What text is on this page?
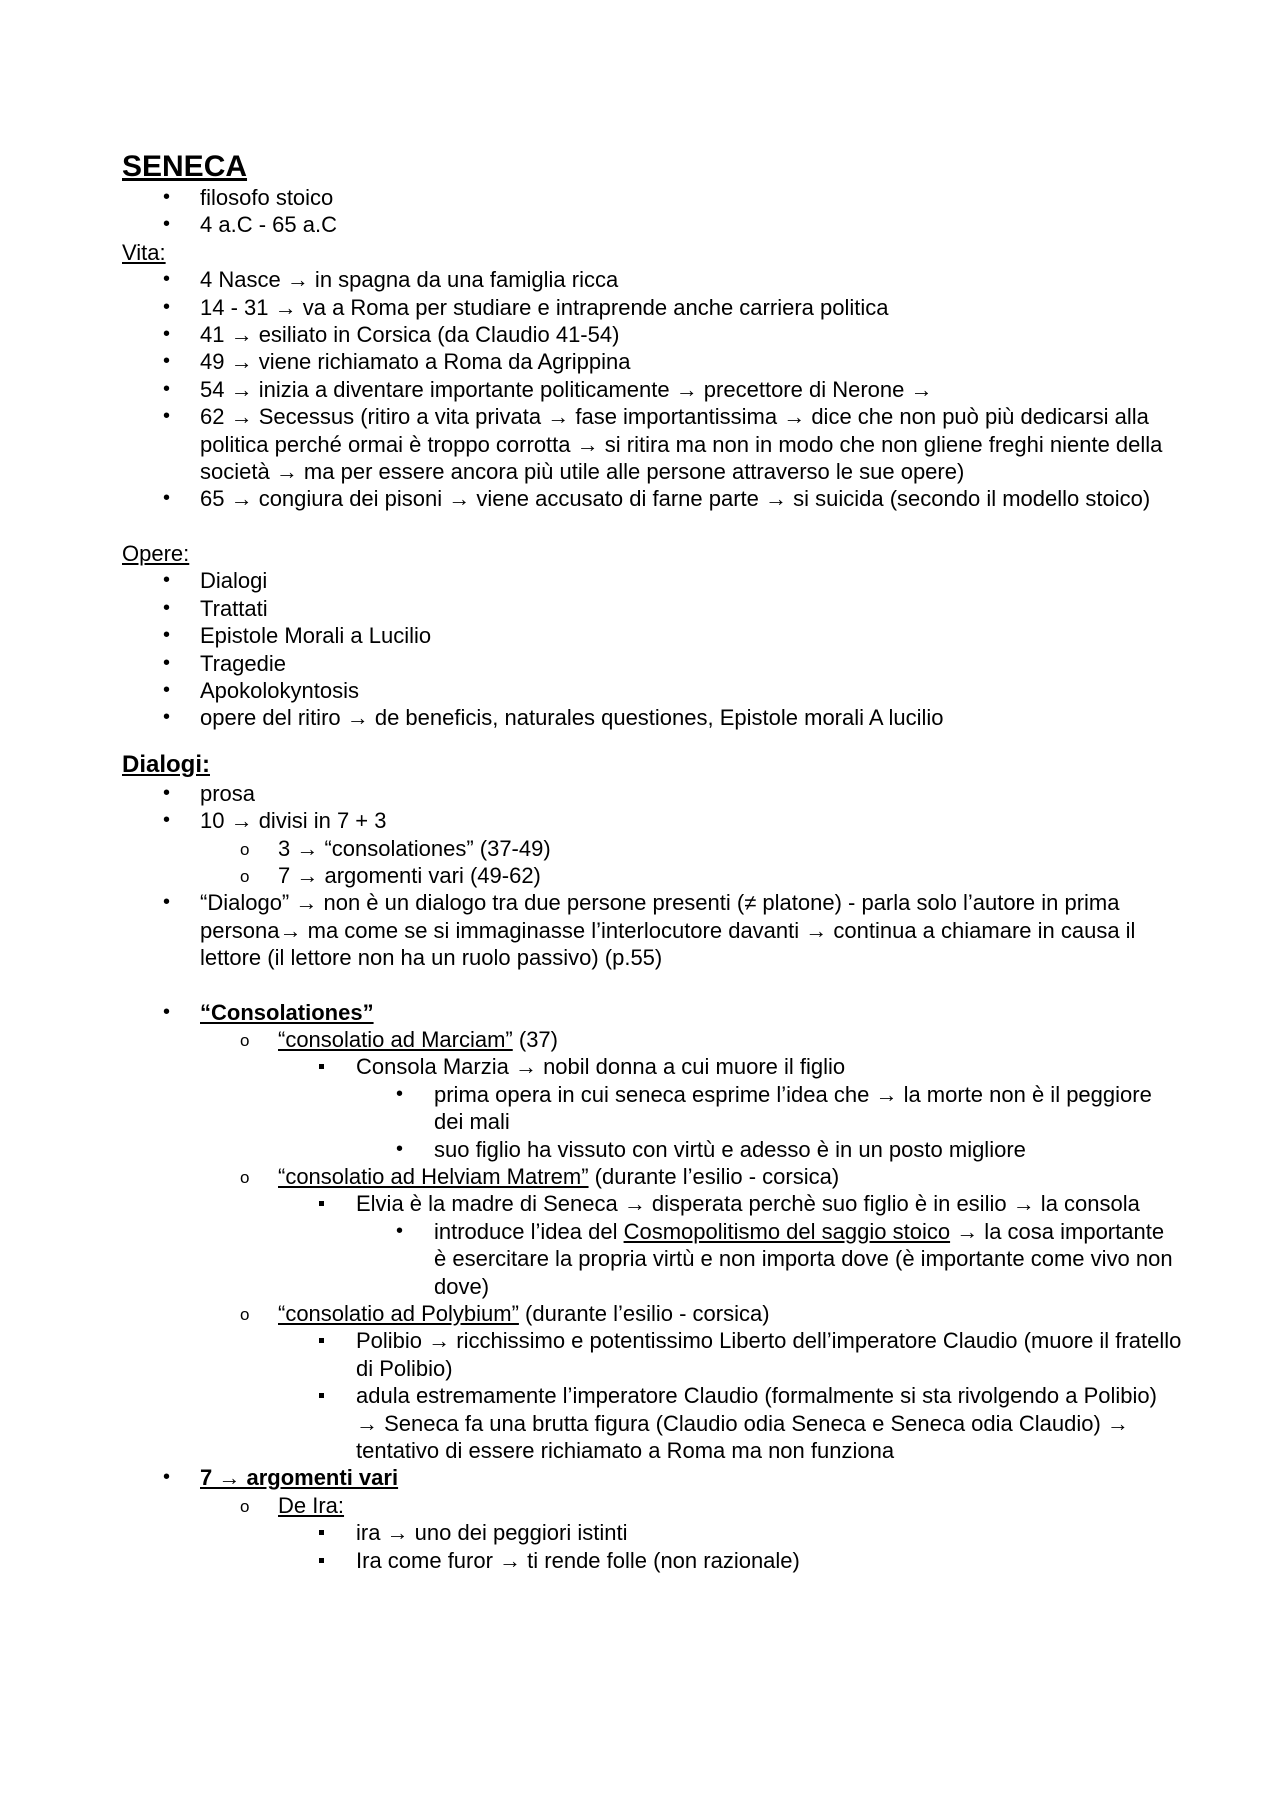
SENECA
• filosofo stoico
• 4 a.C - 65 a.C
Vita:
• 4 Nasce → in spagna da una famiglia ricca
• 14 - 31 → va a Roma per studiare e intraprende anche carriera politica
• 41 → esiliato in Corsica (da Claudio 41-54)
• 49 → viene richiamato a Roma da Agrippina
• 54 → inizia a diventare importante politicamente → precettore di Nerone →
• 62 → Secessus (ritiro a vita privata → fase importantissima → dice che non può più dedicarsi alla politica perché ormai è troppo corrotta → si ritira ma non in modo che non gliene freghi niente della società → ma per essere ancora più utile alle persone attraverso le sue opere)
• 65 → congiura dei pisoni → viene accusato di farne parte → si suicida (secondo il modello stoico)
Opere:
• Dialogi
• Trattati
• Epistole Morali a Lucilio
• Tragedie
• Apokolokyntosis
• opere del ritiro → de beneficis, naturales questiones, Epistole morali A lucilio
Dialogi:
• prosa
• 10 → divisi in 7 + 3
o 3 → “consolationes” (37-49)
o 7 → argomenti vari (49-62)
• “Dialogo” → non è un dialogo tra due persone presenti (≠ platone) - parla solo l’autore in prima persona→ ma come se si immaginasse l’interlocutore davanti → continua a chiamare in causa il lettore (il lettore non ha un ruolo passivo) (p.55)
• “Consolationes”
o “consolatio ad Marciam” (37)
Consola Marzia → nobil donna a cui muore il figlio
• prima opera in cui seneca esprime l’idea che → la morte non è il peggiore dei mali
• suo figlio ha vissuto con virtù e adesso è in un posto migliore
o “consolatio ad Helviam Matrem” (durante l’esilio - corsica)
Elvia è la madre di Seneca → disperata perchè suo figlio è in esilio → la consola
• introduce l’idea del Cosmopolitismo del saggio stoico → la cosa importante è esercitare la propria virtù e non importa dove (è importante come vivo non dove)
o “consolatio ad Polybium” (durante l’esilio - corsica)
Polibio → ricchissimo e potentissimo Liberto dell’imperatore Claudio (muore il fratello di Polibio)
adula estremamente l’imperatore Claudio (formalmente si sta rivolgendo a Polibio) → Seneca fa una brutta figura (Claudio odia Seneca e Seneca odia Claudio) → tentativo di essere richiamato a Roma ma non funziona
• 7 → argomenti vari
o De Ira:
ira → uno dei peggiori istinti
Ira come furor → ti rende folle (non razionale)
